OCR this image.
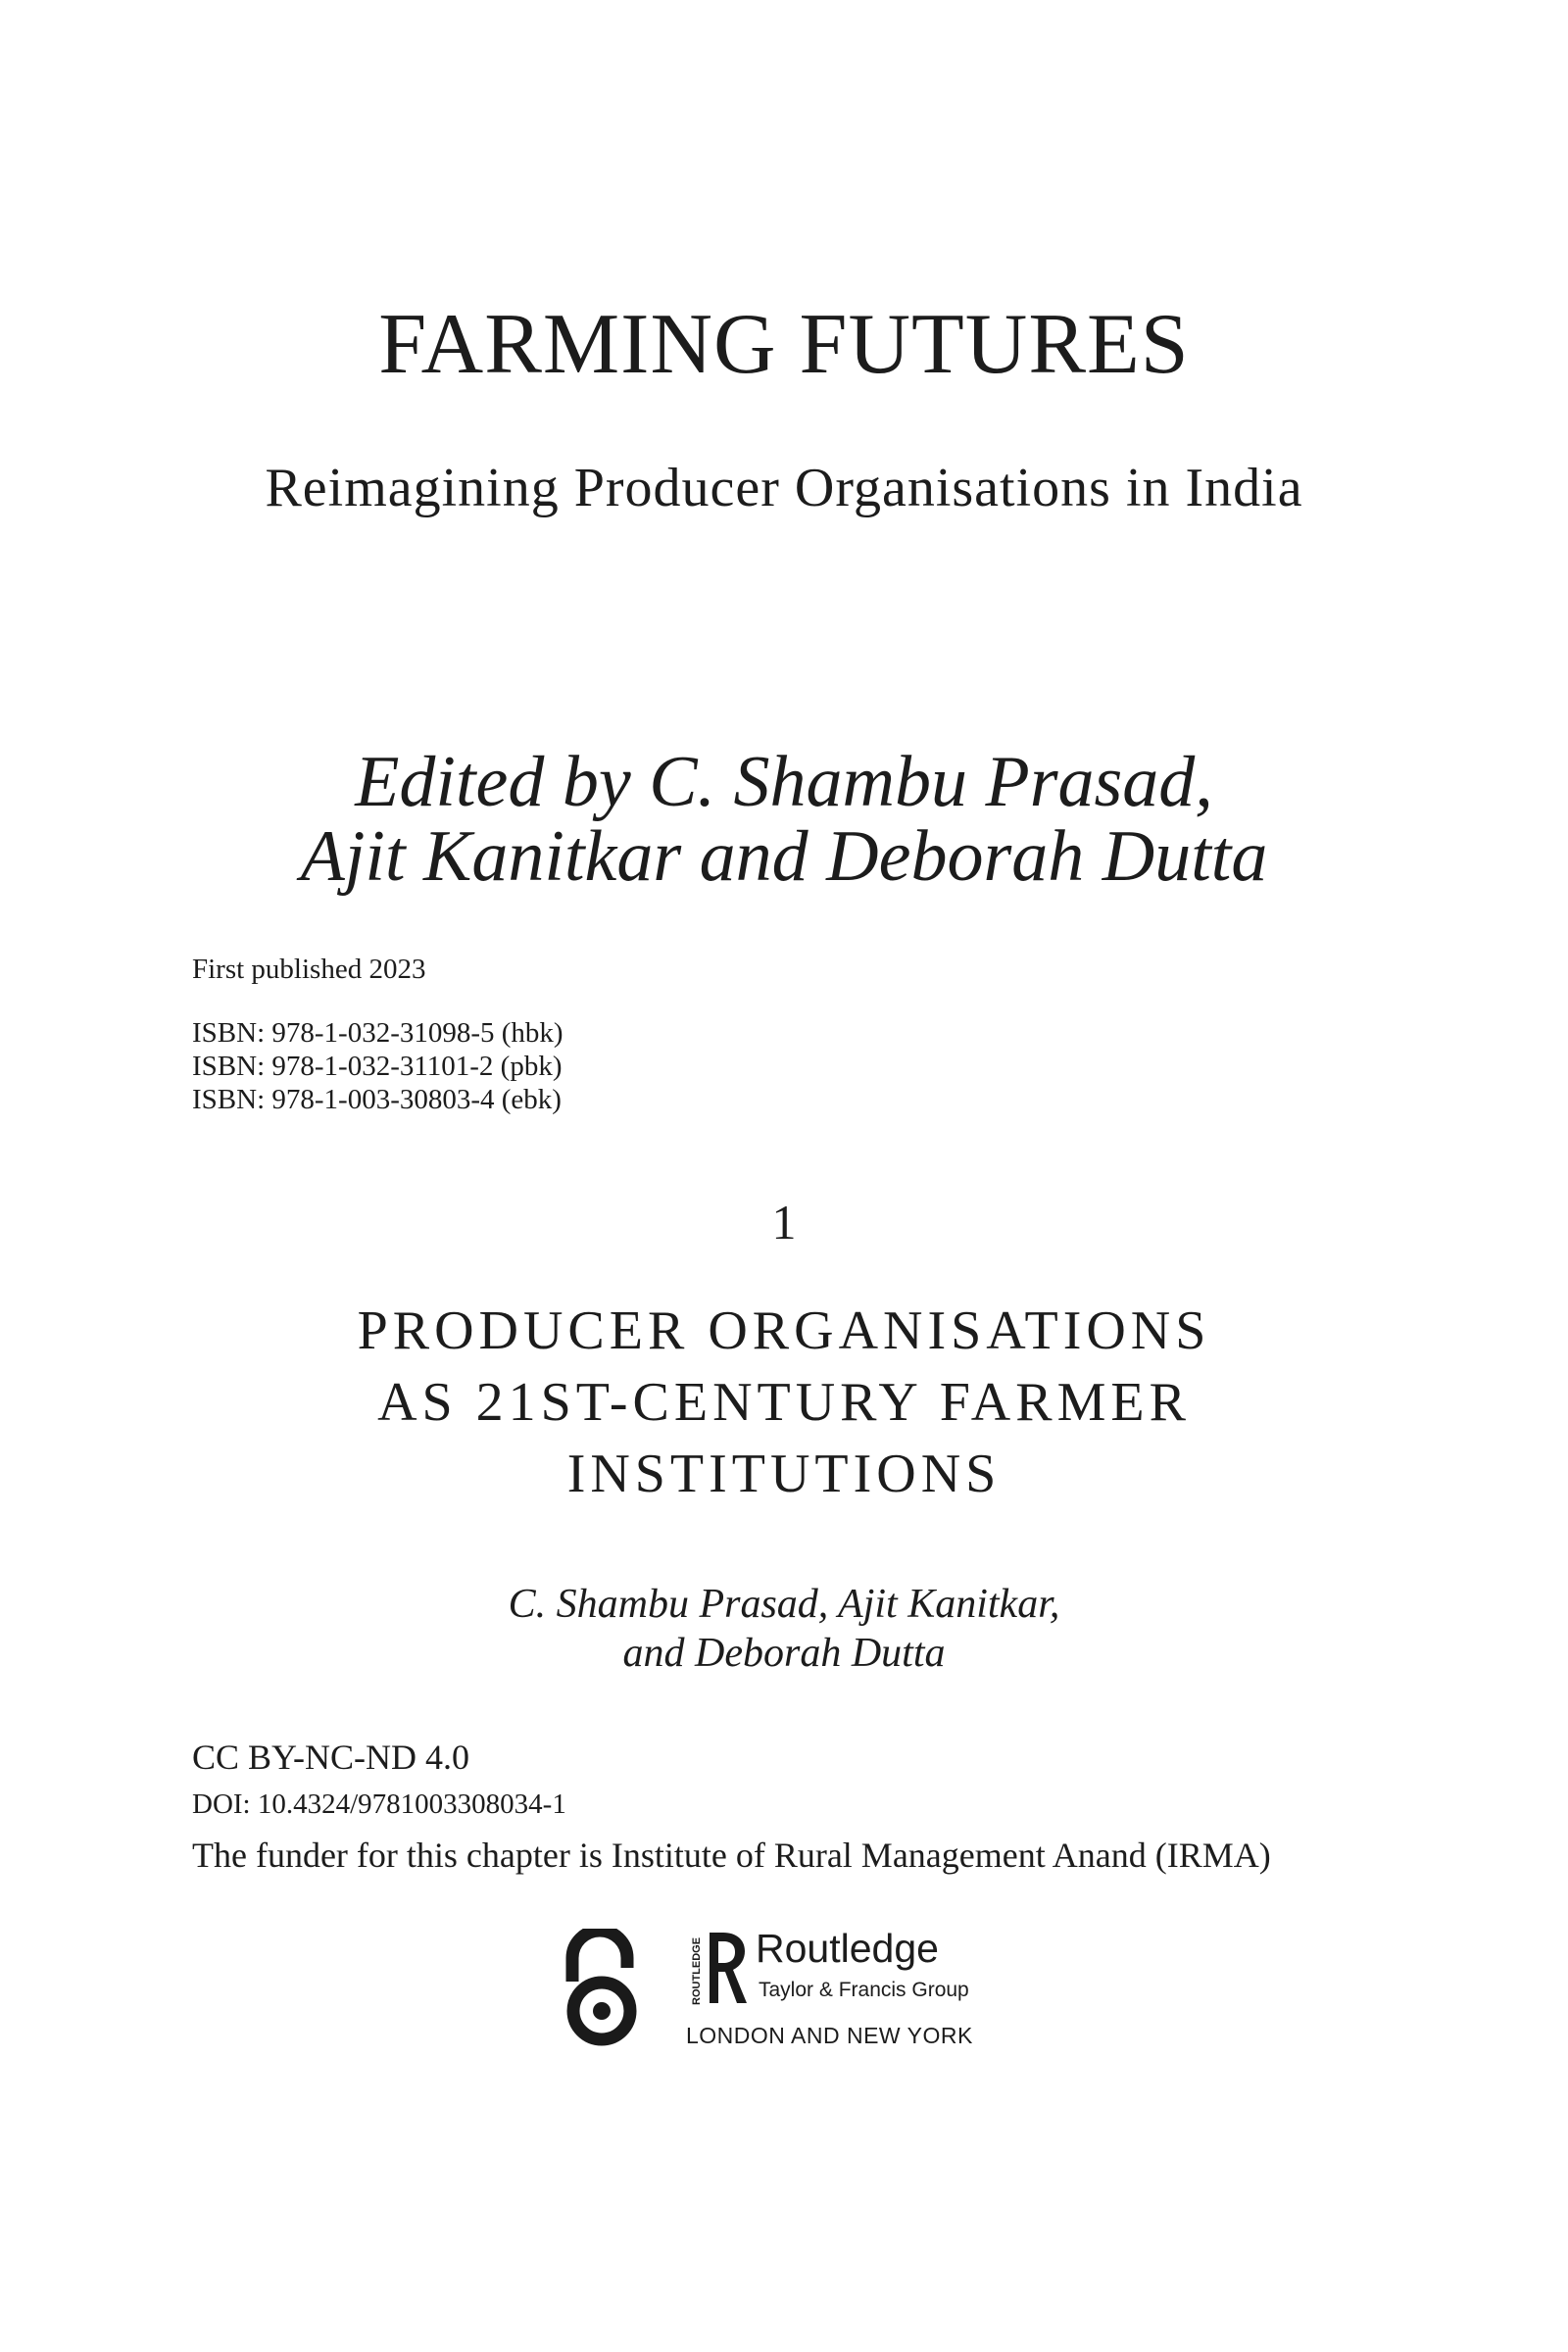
FARMING FUTURES
Reimagining Producer Organisations in India
Edited by C. Shambu Prasad,
Ajit Kanitkar and Deborah Dutta
First published 2023
ISBN: 978-1-032-31098-5 (hbk)
ISBN: 978-1-032-31101-2 (pbk)
ISBN: 978-1-003-30803-4 (ebk)
1
PRODUCER ORGANISATIONS
AS 21ST-CENTURY FARMER
INSTITUTIONS
C. Shambu Prasad, Ajit Kanitkar,
and Deborah Dutta
CC BY-NC-ND 4.0
DOI: 10.4324/9781003308034-1
The funder for this chapter is Institute of Rural Management Anand (IRMA)
ROUTLEDGE Routledge
Taylor & Francis Group
LONDON AND NEW YORK
